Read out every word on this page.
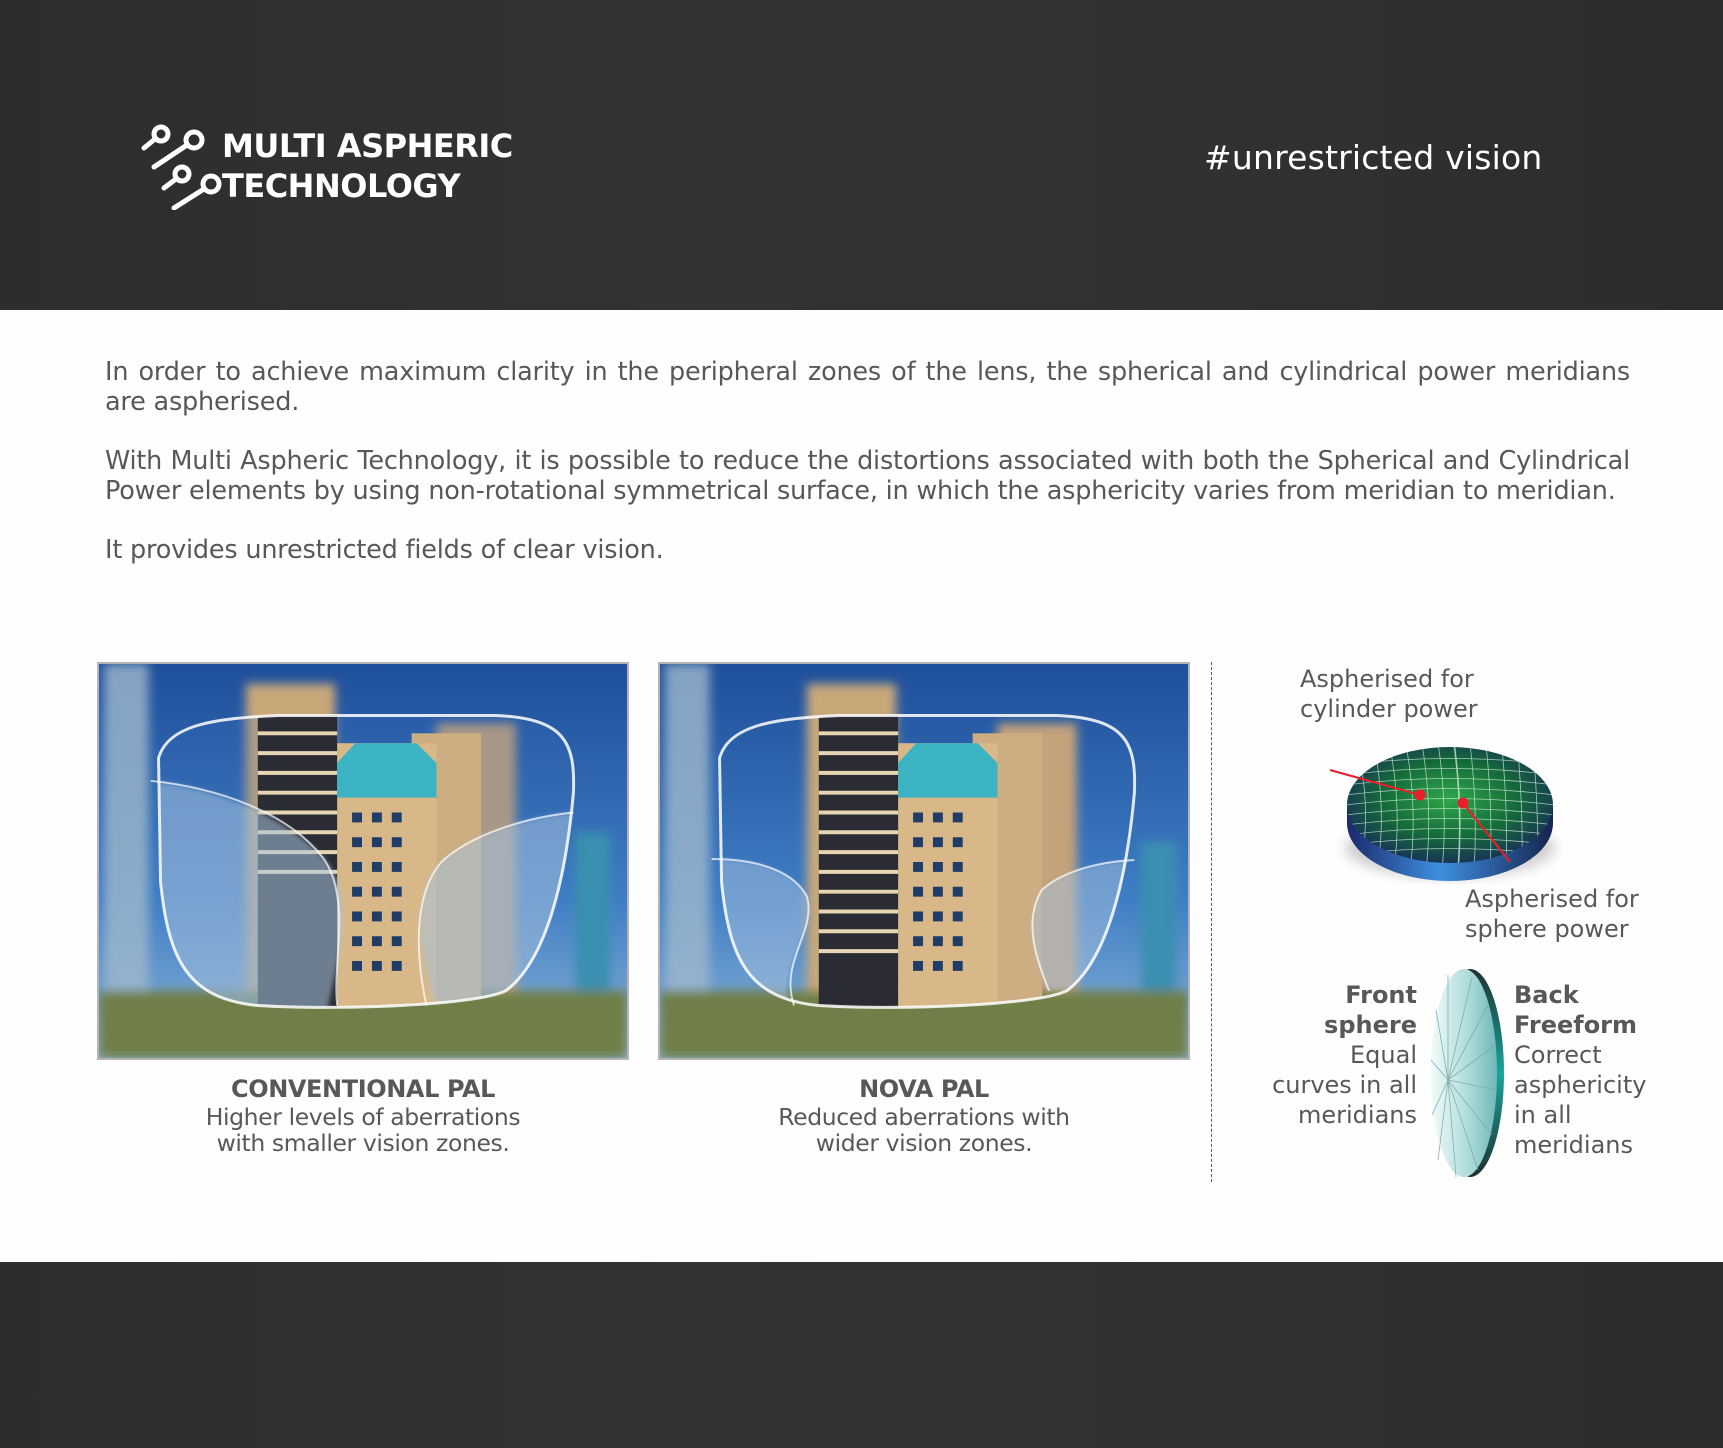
MULTI ASPHERIC
TECHNOLOGY
#unrestricted vision

In order to achieve maximum clarity in the peripheral zones of the lens, the spherical and cylindrical power meridians are aspherised.

With Multi Aspheric Technology, it is possible to reduce the distortions associated with both the Spherical and Cylindrical Power elements by using non-rotational symmetrical surface, in which the asphericity varies from meridian to meridian.

It provides unrestricted fields of clear vision.

CONVENTIONAL PAL
Higher levels of aberrations
with smaller vision zones.
NOVA PAL
Reduced aberrations with
wider vision zones.
Aspherised for
cylinder power
Aspherised for
sphere power
Front
sphere
Equal
curves in all
meridians
Back
Freeform
Correct
asphericity
in all
meridians
